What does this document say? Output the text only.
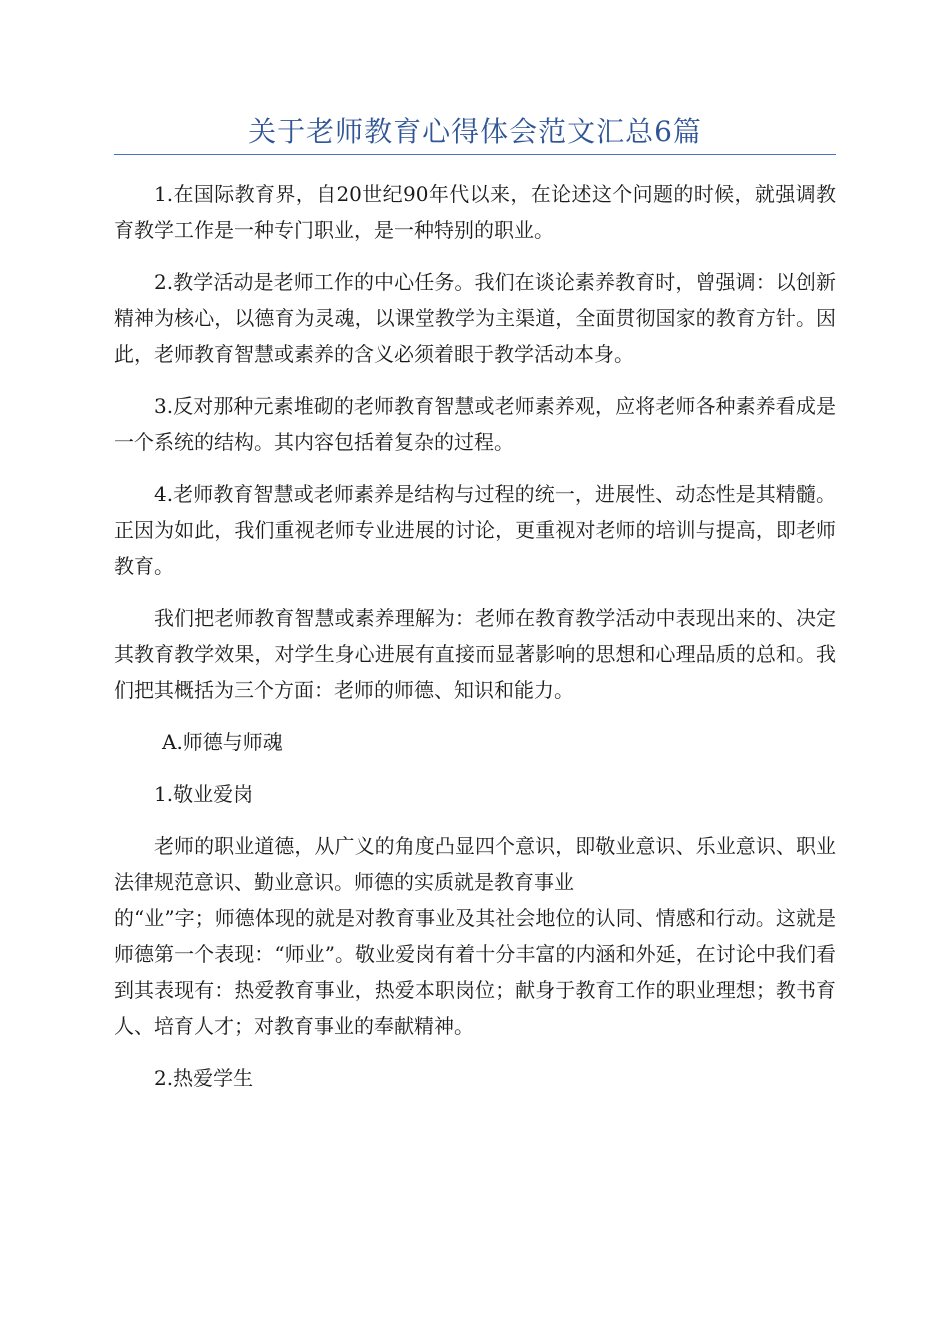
关于老师教育心得体会范文汇总6篇

1.在国际教育界，自20世纪90年代以来，在论述这个问题的时候，就强调教育教学工作是一种专门职业，是一种特别的职业。

2.教学活动是老师工作的中心任务。我们在谈论素养教育时，曾强调：以创新精神为核心，以德育为灵魂，以课堂教学为主渠道，全面贯彻国家的教育方针。因此，老师教育智慧或素养的含义必须着眼于教学活动本身。

3.反对那种元素堆砌的老师教育智慧或老师素养观，应将老师各种素养看成是一个系统的结构。其内容包括着复杂的过程。

4.老师教育智慧或老师素养是结构与过程的统一，进展性、动态性是其精髓。正因为如此，我们重视老师专业进展的讨论，更重视对老师的培训与提高，即老师教育。

我们把老师教育智慧或素养理解为：老师在教育教学活动中表现出来的、决定其教育教学效果，对学生身心进展有直接而显著影响的思想和心理品质的总和。我们把其概括为三个方面：老师的师德、知识和能力。

A.师德与师魂

1.敬业爱岗

老师的职业道德，从广义的角度凸显四个意识，即敬业意识、乐业意识、职业法律规范意识、勤业意识。师德的实质就是教育事业

的“业”字；师德体现的就是对教育事业及其社会地位的认同、情感和行动。这就是师德第一个表现：“师业”。敬业爱岗有着十分丰富的内涵和外延，在讨论中我们看到其表现有：热爱教育事业，热爱本职岗位；献身于教育工作的职业理想；教书育人、培育人才；对教育事业的奉献精神。

2.热爱学生
